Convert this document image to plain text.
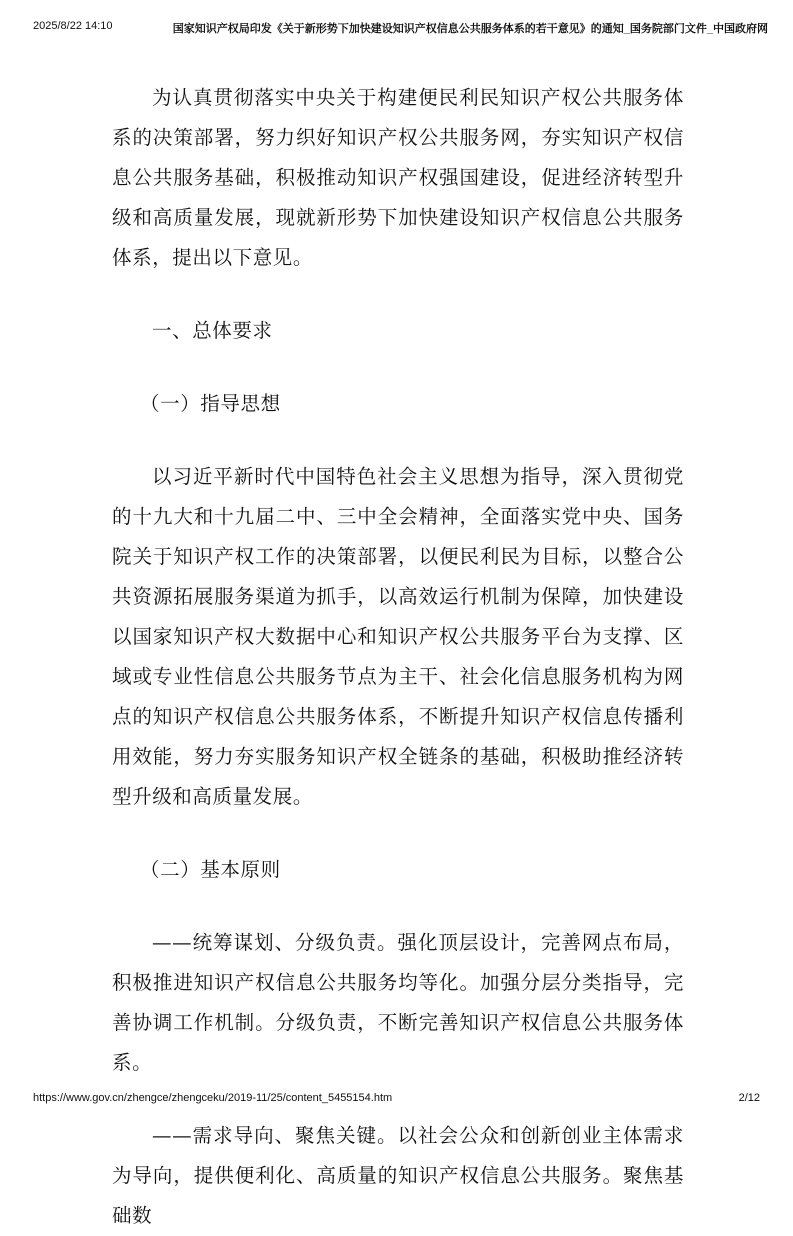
2025/8/22 14:10	国家知识产权局印发《关于新形势下加快建设知识产权信息公共服务体系的若干意见》的通知_国务院部门文件_中国政府网

为认真贯彻落实中央关于构建便民利民知识产权公共服务体系的决策部署，努力织好知识产权公共服务网，夯实知识产权信息公共服务基础，积极推动知识产权强国建设，促进经济转型升级和高质量发展，现就新形势下加快建设知识产权信息公共服务体系，提出以下意见。

一、总体要求

（一）指导思想

以习近平新时代中国特色社会主义思想为指导，深入贯彻党的十九大和十九届二中、三中全会精神，全面落实党中央、国务院关于知识产权工作的决策部署，以便民利民为目标，以整合公共资源拓展服务渠道为抓手，以高效运行机制为保障，加快建设以国家知识产权大数据中心和知识产权公共服务平台为支撑、区域或专业性信息公共服务节点为主干、社会化信息服务机构为网点的知识产权信息公共服务体系，不断提升知识产权信息传播利用效能，努力夯实服务知识产权全链条的基础，积极助推经济转型升级和高质量发展。

（二）基本原则

——统筹谋划、分级负责。强化顶层设计，完善网点布局，积极推进知识产权信息公共服务均等化。加强分层分类指导，完善协调工作机制。分级负责，不断完善知识产权信息公共服务体系。

——需求导向、聚焦关键。以社会公众和创新创业主体需求为导向，提供便利化、高质量的知识产权信息公共服务。聚焦基础数

https://www.gov.cn/zhengce/zhengceku/2019-11/25/content_5455154.htm	2/12
